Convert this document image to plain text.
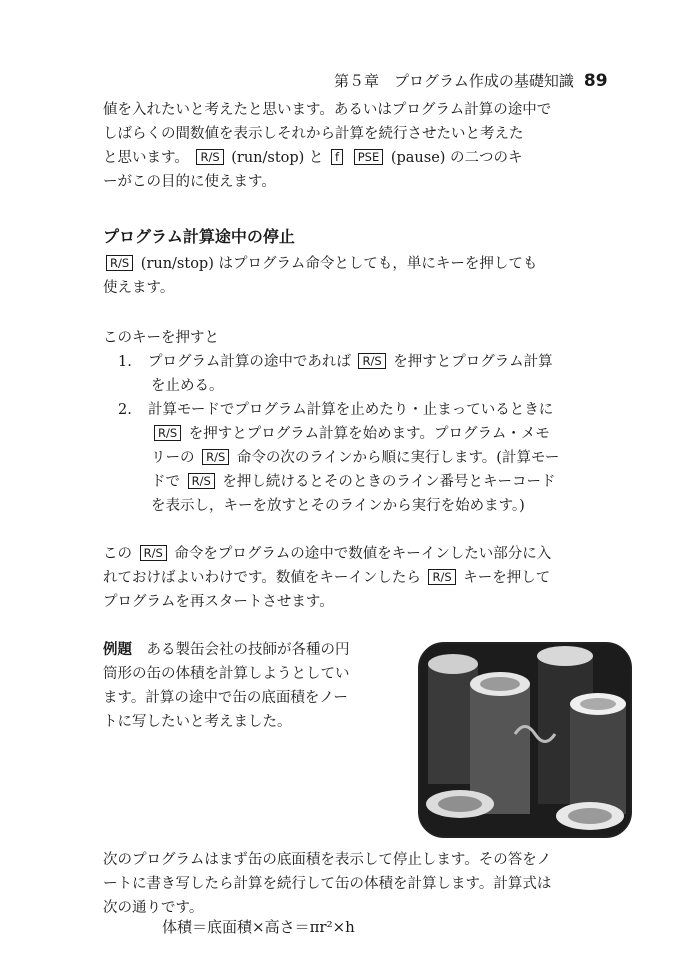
第５章　プログラム作成の基礎知識 89
値を入れたいと考えたと思います。あるいはプログラム計算の途中で
しばらくの間数値を表示しそれから計算を続行させたいと考えた
と思います。 R/S (run/stop) と f PSE (pause) の二つのキ
ーがこの目的に使えます。
プログラム計算途中の停止
R/S (run/stop) はプログラム命令としても，単にキーを押しても
使えます。
このキーを押すと
1. プログラム計算の途中であれば R/S を押すとプログラム計算
を止める。
2. 計算モードでプログラム計算を止めたり・止まっているときに
R/S を押すとプログラム計算を始めます。プログラム・メモ
リーの R/S 命令の次のラインから順に実行します。(計算モー
ドで R/S を押し続けるとそのときのライン番号とキーコード
を表示し，キーを放すとそのラインから実行を始めます。)
この R/S 命令をプログラムの途中で数値をキーインしたい部分に入
れておけばよいわけです。数値をキーインしたら R/S キーを押して
プログラムを再スタートさせます。
例題　 ある製缶会社の技師が各種の円
筒形の缶の体積を計算しようとしてい
ます。計算の途中で缶の底面積をノー
トに写したいと考えました。
次のプログラムはまず缶の底面積を表示して停止します。その答をノ
ートに書き写したら計算を続行して缶の体積を計算します。計算式は
次の通りです。
体積＝底面積×高さ＝πr²×h
